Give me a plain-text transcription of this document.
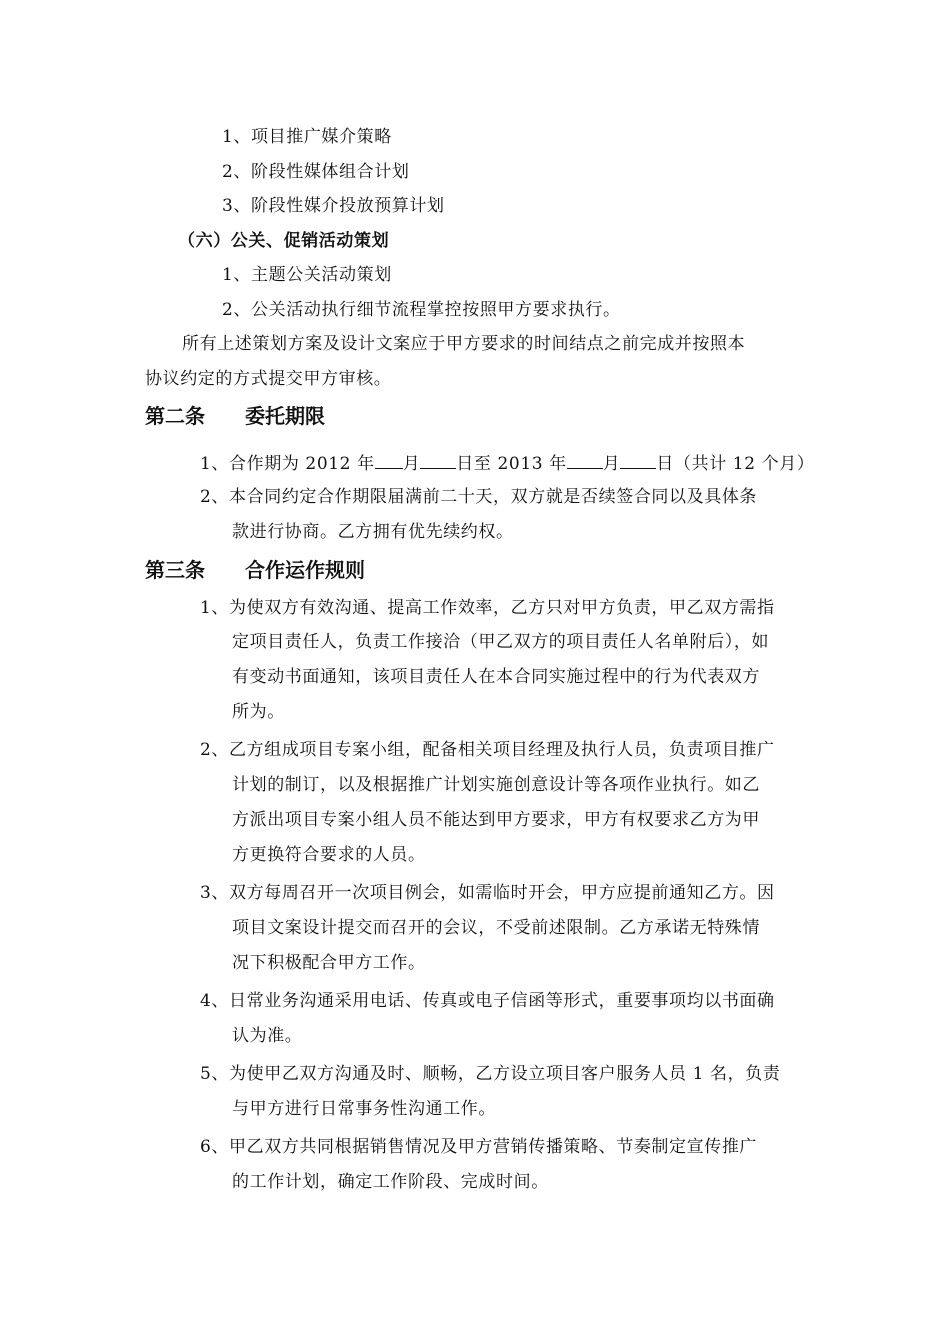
1、项目推广媒介策略
2、阶段性媒体组合计划
3、阶段性媒介投放预算计划
（六）公关、促销活动策划
1、主题公关活动策划
2、公关活动执行细节流程掌控按照甲方要求执行。
所有上述策划方案及设计文案应于甲方要求的时间结点之前完成并按照本
协议约定的方式提交甲方审核。
第二条 委托期限
1、合作期为 2012 年 月 日至 2013 年 月 日（共计 12 个月）
2、本合同约定合作期限届满前二十天，双方就是否续签合同以及具体条
款进行协商。乙方拥有优先续约权。
第三条 合作运作规则
1、为使双方有效沟通、提高工作效率，乙方只对甲方负责，甲乙双方需指
定项目责任人，负责工作接洽（甲乙双方的项目责任人名单附后），如
有变动书面通知，该项目责任人在本合同实施过程中的行为代表双方
所为。
2、乙方组成项目专案小组，配备相关项目经理及执行人员，负责项目推广
计划的制订，以及根据推广计划实施创意设计等各项作业执行。如乙
方派出项目专案小组人员不能达到甲方要求，甲方有权要求乙方为甲
方更换符合要求的人员。
3、双方每周召开一次项目例会，如需临时开会，甲方应提前通知乙方。因
项目文案设计提交而召开的会议，不受前述限制。乙方承诺无特殊情
况下积极配合甲方工作。
4、日常业务沟通采用电话、传真或电子信函等形式，重要事项均以书面确
认为准。
5、为使甲乙双方沟通及时、顺畅，乙方设立项目客户服务人员 1 名，负责
与甲方进行日常事务性沟通工作。
6、甲乙双方共同根据销售情况及甲方营销传播策略、节奏制定宣传推广
的工作计划，确定工作阶段、完成时间。
